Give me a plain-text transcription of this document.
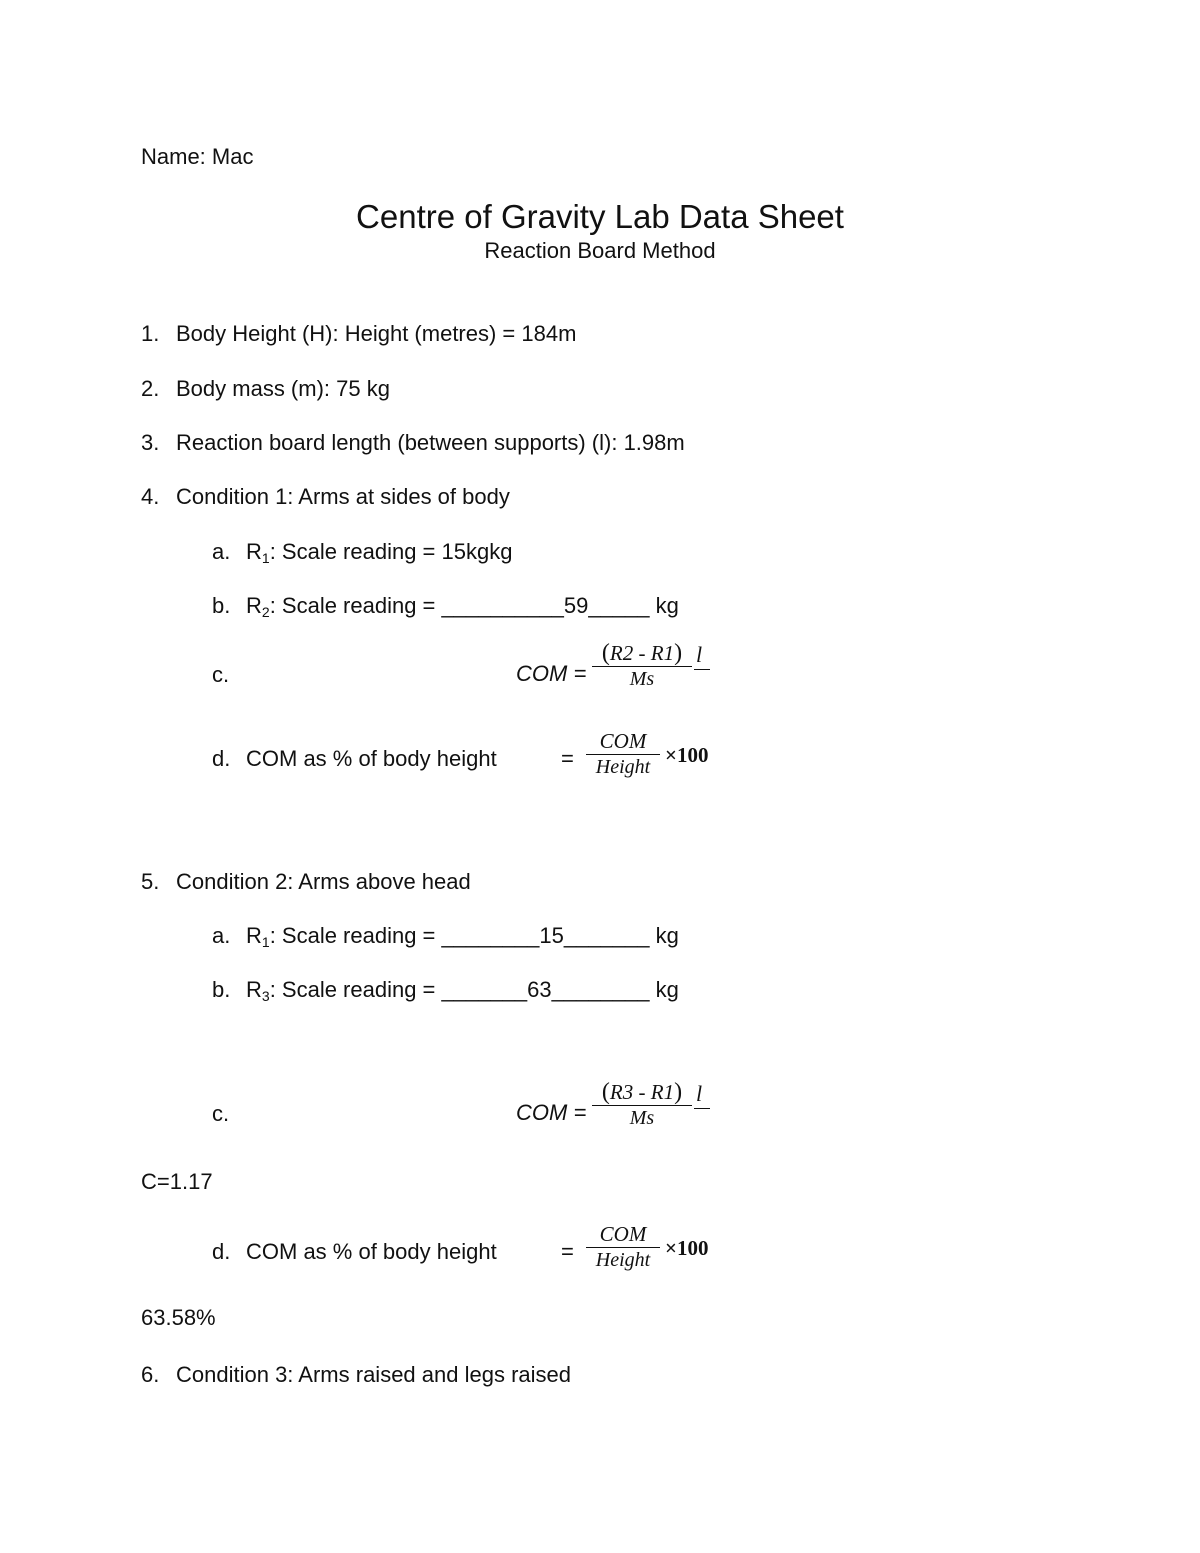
Name: Mac
Centre of Gravity Lab Data Sheet
Reaction Board Method
1. Body Height (H): Height (metres) = 184m
2. Body mass (m): 75 kg
3. Reaction board length (between supports) (l): 1.98m
4. Condition 1: Arms at sides of body
a. $R_1$: Scale reading = 15kgkg
b. $R_2$: Scale reading = __________59_____ kg
c.	COM =
(R2 - R1)
Ms
l
d. COM as % of body height	=
COM
Height ×100
5. Condition 2: Arms above head
a. $R_1$: Scale reading = ________15_______ kg
b. $R_3$: Scale reading = _______63________ kg
c.	COM =
(R3 - R1)
Ms
l
C=1.17
d. COM as % of body height	=
COM
Height ×100
63.58%
6. Condition 3: Arms raised and legs raised
